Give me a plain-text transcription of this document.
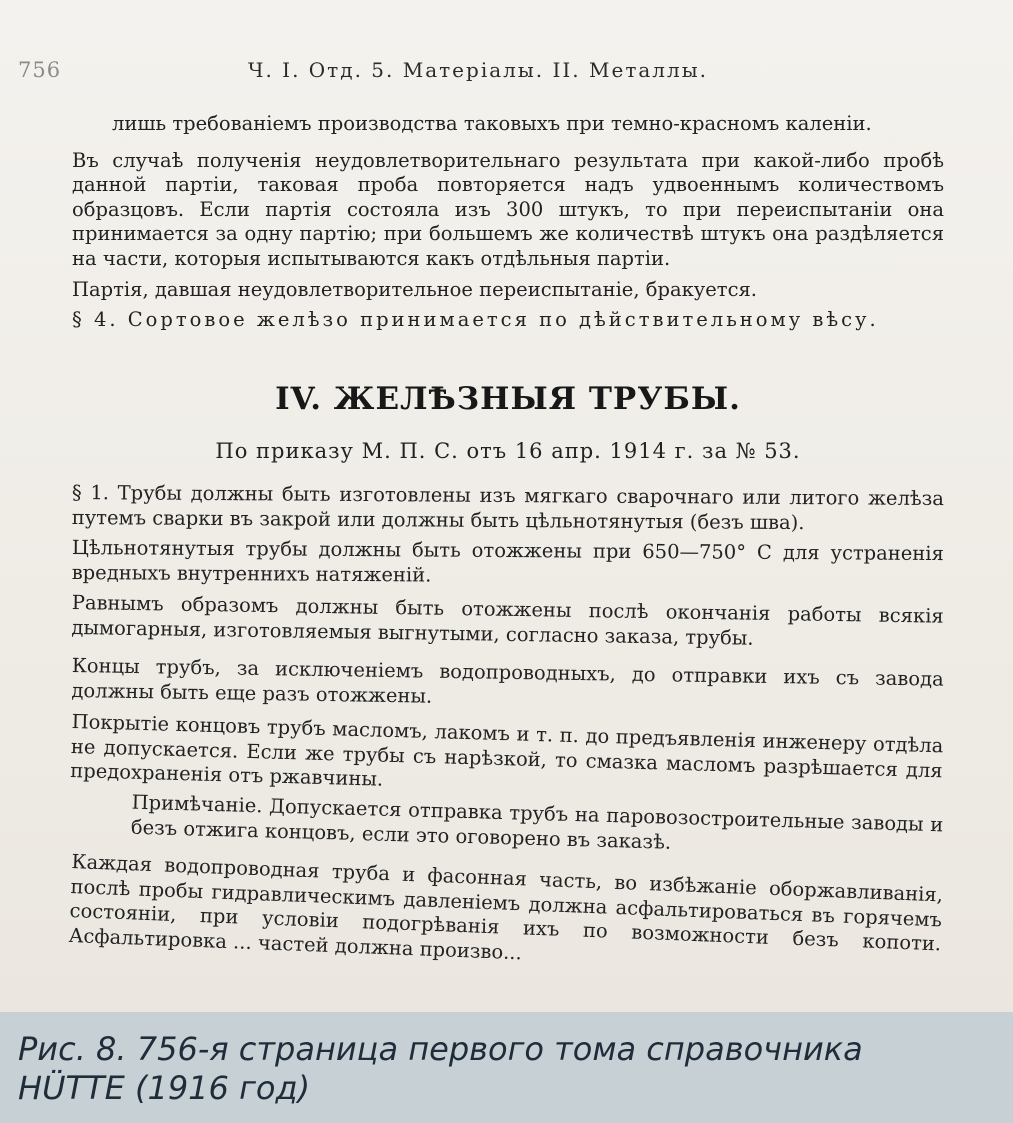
756	Ч. I. Отд. 5. Матеріалы. II. Металлы.

лишь требованіемъ производства таковыхъ при темно-красномъ каленіи.

Въ случаѣ полученія неудовлетворительнаго результата при какой-либо пробѣ данной партіи, таковая проба повторяется надъ удвоеннымъ количествомъ образцовъ. Если партія состояла изъ 300 штукъ, то при переиспытаніи она принимается за одну партію; при большемъ же количествѣ штукъ она раздѣляется на части, которыя испытываются какъ отдѣльныя партіи.

Партія, давшая неудовлетворительное переиспытаніе, бракуется.

§ 4. Сортовое желѣзо принимается по дѣйствительному вѣсу.

IV. ЖЕЛѢЗНЫЯ ТРУБЫ.
По приказу М. П. С. отъ 16 апр. 1914 г. за № 53.

§ 1. Трубы должны быть изготовлены изъ мягкаго сварочнаго или литого желѣза путемъ сварки въ закрой или должны быть цѣльнотянутыя (безъ шва).

Цѣльнотянутыя трубы должны быть отожжены при 650—750° С для устраненія вредныхъ внутреннихъ натяженій.

Равнымъ образомъ должны быть отожжены послѣ окончанія работы всякія дымогарныя, изготовляемыя выгнутыми, согласно заказа, трубы.

Концы трубъ, за исключеніемъ водопроводныхъ, до отправки ихъ съ завода должны быть еще разъ отожжены.

Покрытіе концовъ трубъ масломъ, лакомъ и т. п. до предъявленія инженеру отдѣла не допускается. Если же трубы съ нарѣзкой, то смазка масломъ разрѣшается для предохраненія отъ ржавчины.

Примѣчаніе. Допускается отправка трубъ на паровозостроительные заводы и безъ отжига концовъ, если это оговорено въ заказѣ.

Каждая водопроводная труба и фасонная часть, во избѣжаніе оборжавливанія, послѣ пробы гидравлическимъ давленіемъ должна асфальтироваться въ горячемъ состояніи, при условіи подогрѣванія ихъ по возможности безъ копоти. Асфальтировка ... частей должна произво...

Рис. 8. 756-я страница первого тома справочника HÜTTE (1916 год)
